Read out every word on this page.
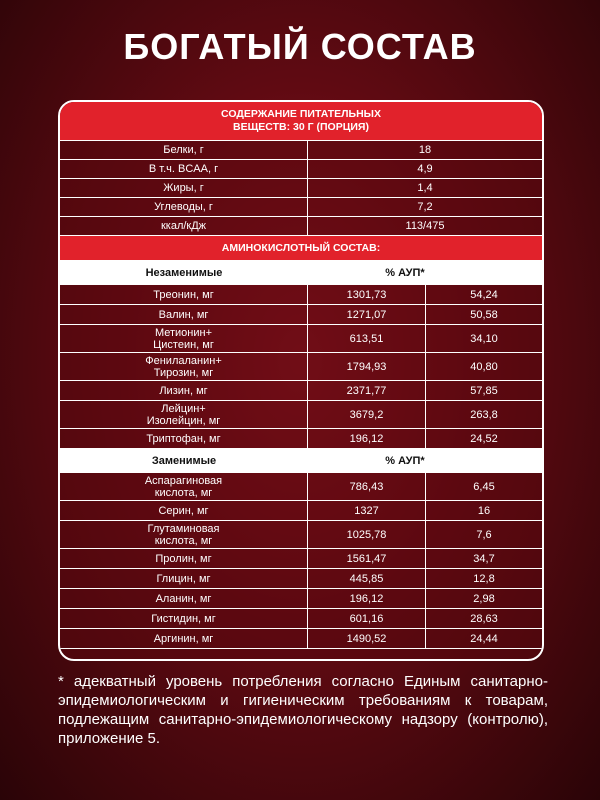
БОГАТЫЙ СОСТАВ
СОДЕРЖАНИЕ ПИТАТЕЛЬНЫХ
ВЕЩЕСТВ: 30 Г (ПОРЦИЯ)
Белки, г	18
В т.ч. BCAA, г	4,9
Жиры, г	1,4
Углеводы, г	7,2
ккал/кДж	113/475
АМИНОКИСЛОТНЫЙ СОСТАВ:
Незаменимые	% АУП*
Треонин, мг	1301,73	54,24
Валин, мг	1271,07	50,58
Метионин+
Цистеин, мг	613,51	34,10
Фенилаланин+
Тирозин, мг	1794,93	40,80
Лизин, мг	2371,77	57,85
Лейцин+
Изолейцин, мг	3679,2	263,8
Триптофан, мг	196,12	24,52
Заменимые	% АУП*
Аспарагиновая
кислота, мг	786,43	6,45
Серин, мг	1327	16
Глутаминовая
кислота, мг	1025,78	7,6
Пролин, мг	1561,47	34,7
Глицин, мг	445,85	12,8
Аланин, мг	196,12	2,98
Гистидин, мг	601,16	28,63
Аргинин, мг	1490,52	24,44
* адекватный уровень потребления согласно Единым санитарно-эпидемиологическим и гигиеническим требованиям к товарам, подлежащим санитарно-эпидемиологическому надзору (контролю), приложение 5.
